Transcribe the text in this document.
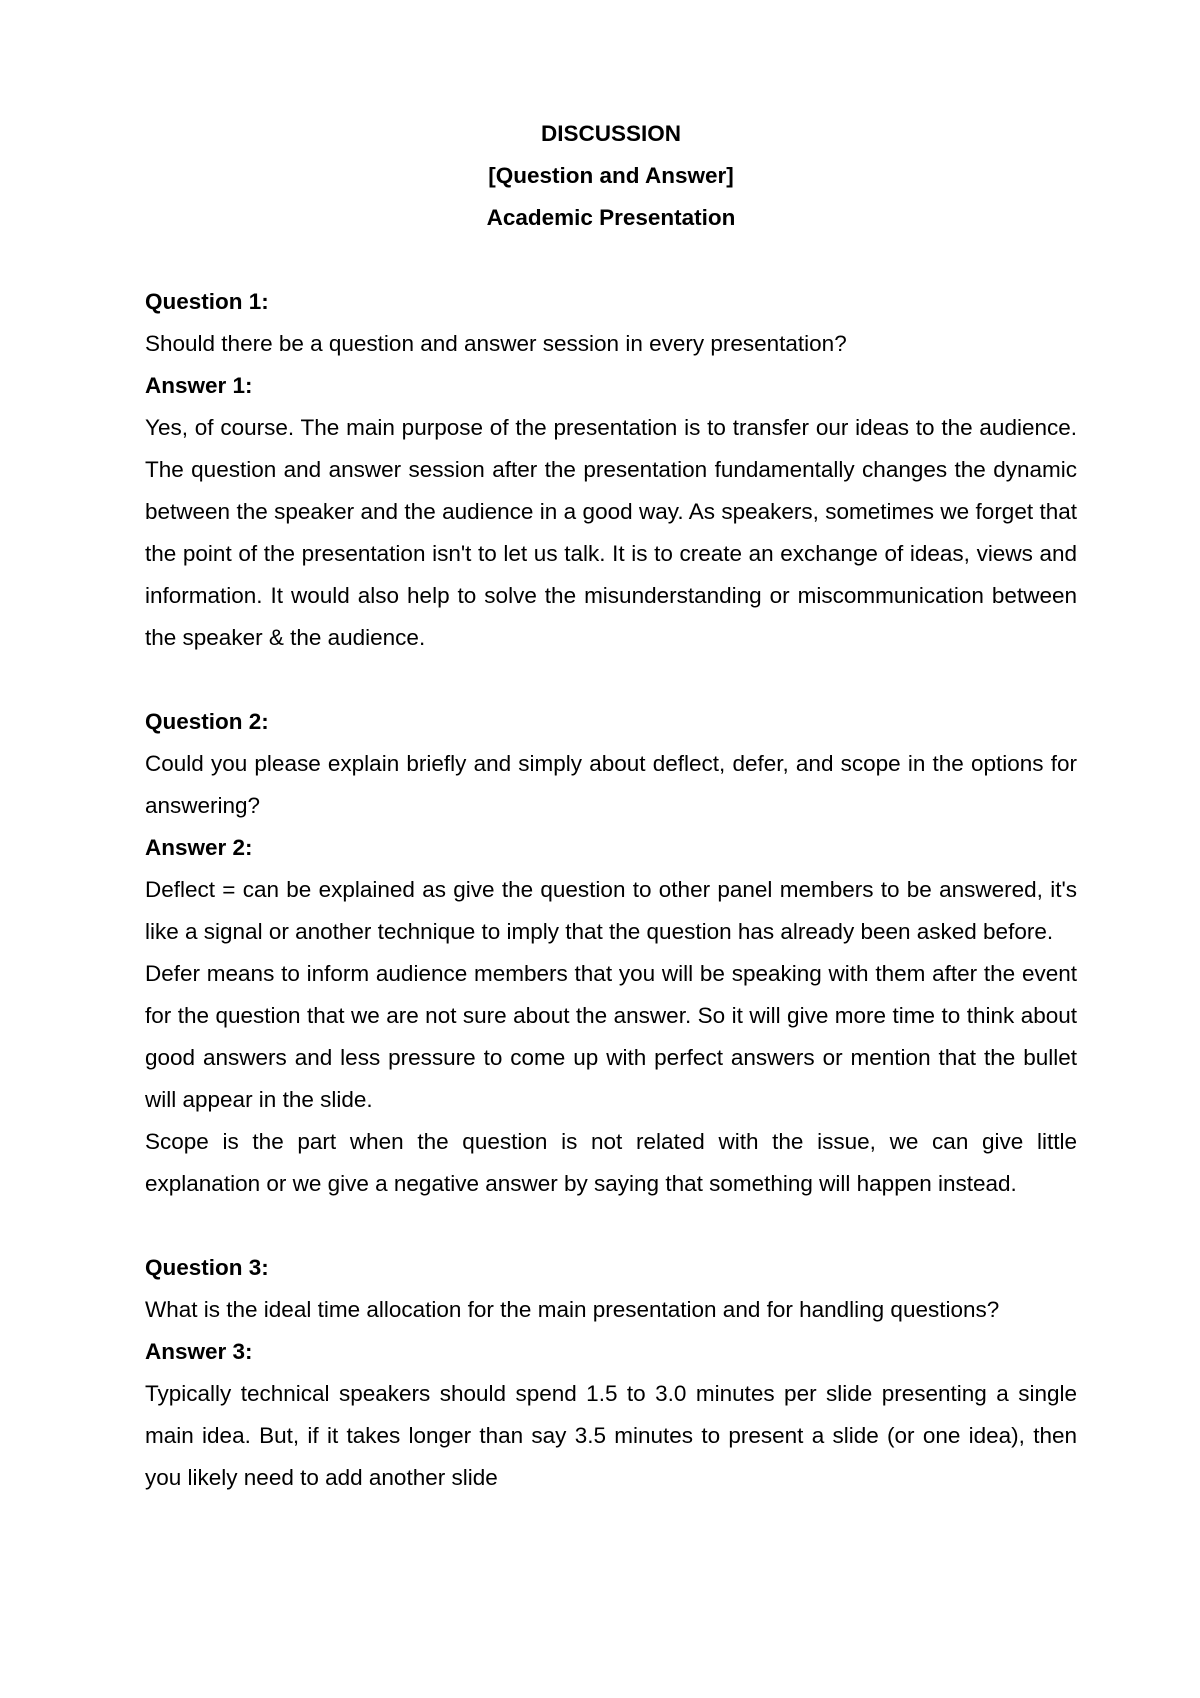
DISCUSSION

[Question and Answer]

Academic Presentation

Question 1:

Should there be a question and answer session in every presentation?

Answer 1:

Yes, of course. The main purpose of the presentation is to transfer our ideas to the audience. The question and answer session after the presentation fundamentally changes the dynamic between the speaker and the audience in a good way. As speakers, sometimes we forget that the point of the presentation isn't to let us talk. It is to create an exchange of ideas, views and information. It would also help to solve the misunderstanding or miscommunication between the speaker & the audience.

Question 2:

Could you please explain briefly and simply about deflect, defer, and scope in the options for answering?

Answer 2:

Deflect = can be explained as give the question to other panel members to be answered, it's like a signal or another technique to imply that the question has already been asked before.

Defer means to inform audience members that you will be speaking with them after the event for the question that we are not sure about the answer. So it will give more time to think about good answers and less pressure to come up with perfect answers or mention that the bullet will appear in the slide.

Scope is the part when the question is not related with the issue, we can give little explanation or we give a negative answer by saying that something will happen instead.

Question 3:

What is the ideal time allocation for the main presentation and for handling questions?

Answer 3:

Typically technical speakers should spend 1.5 to 3.0 minutes per slide presenting a single main idea. But, if it takes longer than say 3.5 minutes to present a slide (or one idea), then you likely need to add another slide
